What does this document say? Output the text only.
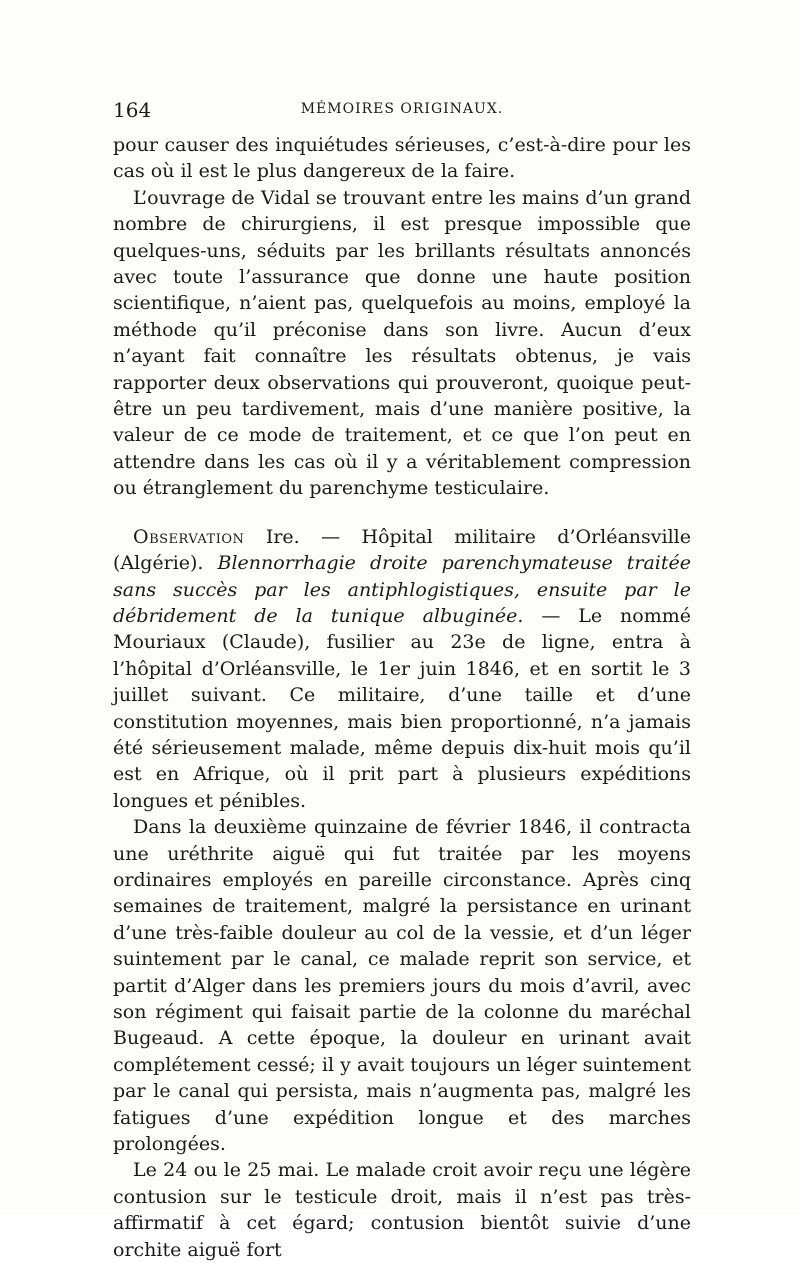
164	MÉMOIRES ORIGINAUX.

pour causer des inquiétudes sérieuses, c’est-à-dire pour les cas où il est le plus dangereux de la faire.

L’ouvrage de Vidal se trouvant entre les mains d’un grand nombre de chirurgiens, il est presque impossible que quelques-uns, séduits par les brillants résultats annoncés avec toute l’assurance que donne une haute position scientifique, n’aient pas, quelquefois au moins, employé la méthode qu’il préconise dans son livre. Aucun d’eux n’ayant fait connaître les résultats obtenus, je vais rapporter deux observations qui prouveront, quoique peut-être un peu tardivement, mais d’une manière positive, la valeur de ce mode de traitement, et ce que l’on peut en attendre dans les cas où il y a véritablement compression ou étranglement du parenchyme testiculaire.

Observation Ire. — Hôpital militaire d’Orléansville (Algérie). Blennorrhagie droite parenchymateuse traitée sans succès par les antiphlogistiques, ensuite par le débridement de la tunique albuginée. — Le nommé Mouriaux (Claude), fusilier au 23e de ligne, entra à l’hôpital d’Orléansville, le 1er juin 1846, et en sortit le 3 juillet suivant. Ce militaire, d’une taille et d’une constitution moyennes, mais bien proportionné, n’a jamais été sérieusement malade, même depuis dix-huit mois qu’il est en Afrique, où il prit part à plusieurs expéditions longues et pénibles.

Dans la deuxième quinzaine de février 1846, il contracta une uréthrite aiguë qui fut traitée par les moyens ordinaires employés en pareille circonstance. Après cinq semaines de traitement, malgré la persistance en urinant d’une très-faible douleur au col de la vessie, et d’un léger suintement par le canal, ce malade reprit son service, et partit d’Alger dans les premiers jours du mois d’avril, avec son régiment qui faisait partie de la colonne du maréchal Bugeaud. A cette époque, la douleur en urinant avait complétement cessé; il y avait toujours un léger suintement par le canal qui persista, mais n’augmenta pas, malgré les fatigues d’une expédition longue et des marches prolongées.

Le 24 ou le 25 mai. Le malade croit avoir reçu une légère contusion sur le testicule droit, mais il n’est pas très-affirmatif à cet égard; contusion bientôt suivie d’une orchite aiguë fort
